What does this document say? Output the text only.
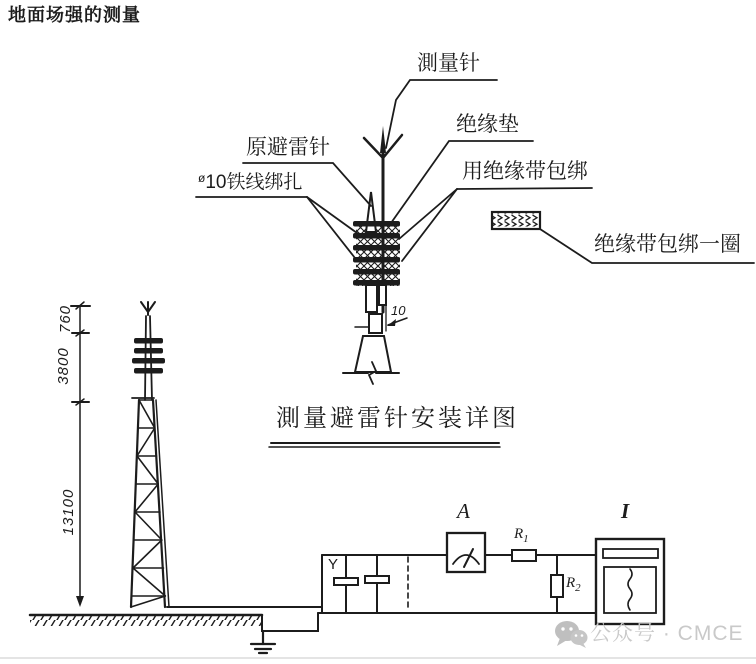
地面场强的测量
測量针
原避雷针
$^ø$10铁线绑扎
绝缘垫
用绝缘带包绑
绝缘带包绑一圈
10
測量避雷针安装详图
760
3800
13100	A
$R_1$
$R_2$
Y
I
公众号 · CMCE
